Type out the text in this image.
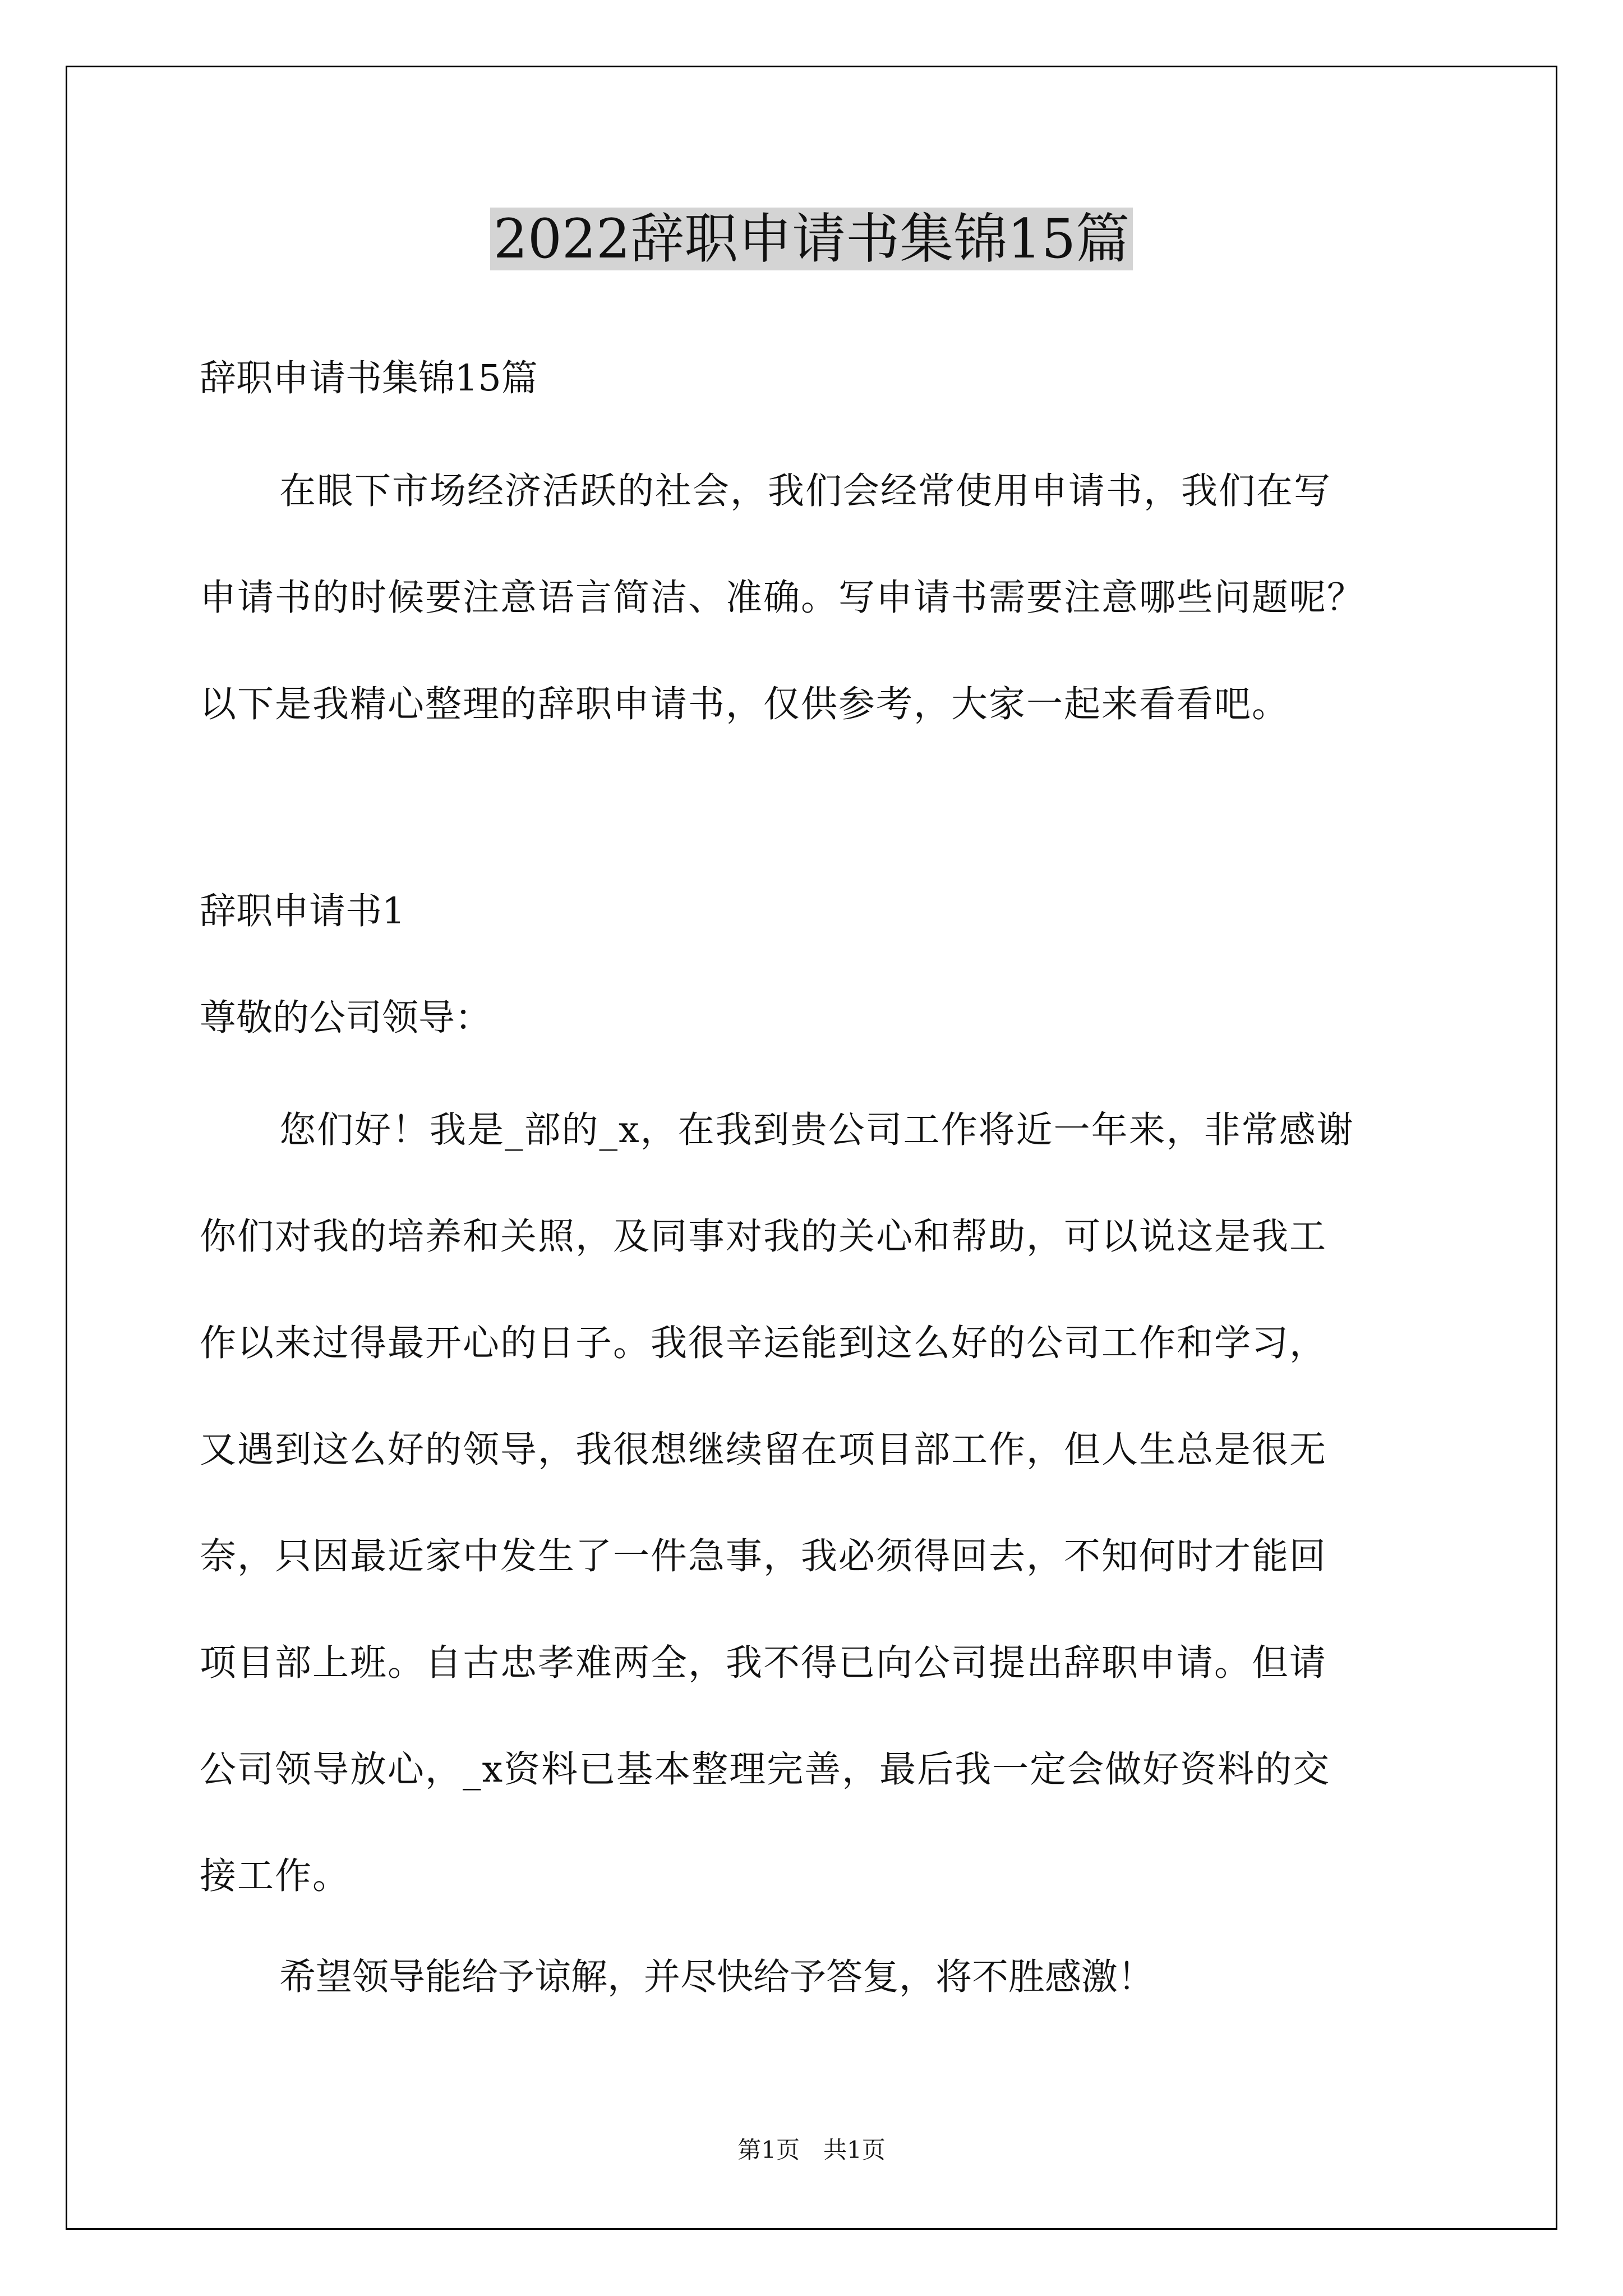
2022辞职申请书集锦15篇

辞职申请书集锦15篇

在眼下市场经济活跃的社会，我们会经常使用申请书，我们在写
申请书的时候要注意语言简洁、准确。写申请书需要注意哪些问题呢？
以下是我精心整理的辞职申请书，仅供参考，大家一起来看看吧。

辞职申请书1

尊敬的公司领导：

您们好！我是_部的_x，在我到贵公司工作将近一年来，非常感谢
你们对我的培养和关照，及同事对我的关心和帮助，可以说这是我工
作以来过得最开心的日子。我很辛运能到这么好的公司工作和学习，
又遇到这么好的领导，我很想继续留在项目部工作，但人生总是很无
奈，只因最近家中发生了一件急事，我必须得回去，不知何时才能回
项目部上班。自古忠孝难两全，我不得已向公司提出辞职申请。但请
公司领导放心，_x资料已基本整理完善，最后我一定会做好资料的交
接工作。

希望领导能给予谅解，并尽快给予答复，将不胜感激！

第1页　共1页
